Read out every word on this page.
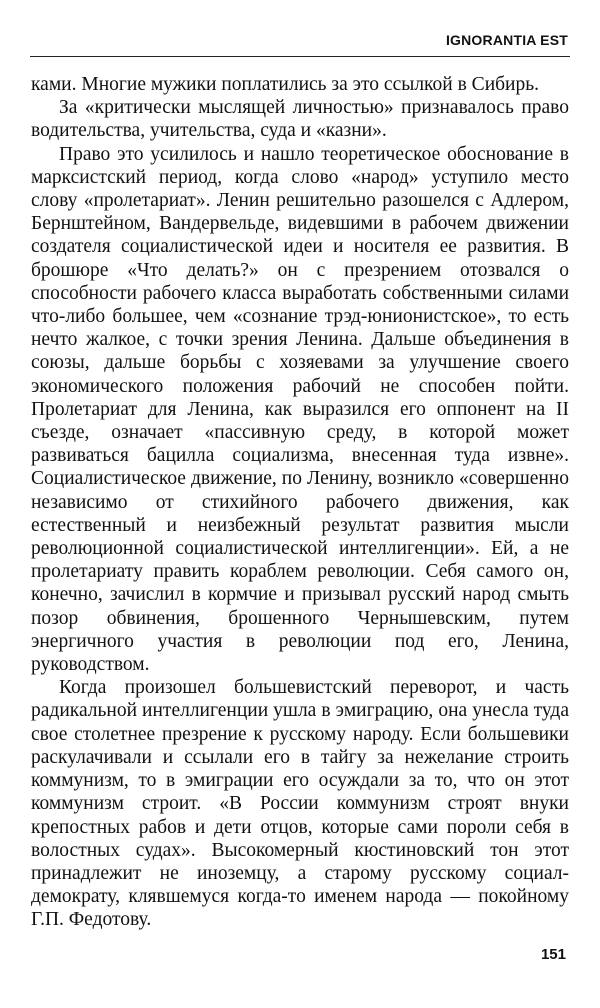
IGNORANTIA EST

ками. Многие мужики поплатились за это ссылкой в Сибирь.

За «критически мыслящей личностью» признавалось право водительства, учительства, суда и «казни».

Право это усилилось и нашло теоретическое обоснование в марксистский период, когда слово «народ» уступило место слову «пролетариат». Ленин решительно разошелся с Адлером, Бернштейном, Вандервельде, видевшими в рабочем движении создателя социалистической идеи и носителя ее развития. В брошюре «Что делать?» он с презрением отозвался о способности рабочего класса выработать собственными силами что-либо большее, чем «сознание трэд-юнионистское», то есть нечто жалкое, с точки зрения Ленина. Дальше объединения в союзы, дальше борьбы с хозяевами за улучшение своего экономического положения рабочий не способен пойти. Пролетариат для Ленина, как выразился его оппонент на II съезде, означает «пассивную среду, в которой может развиваться бацилла социализма, внесенная туда извне». Социалистическое движение, по Ленину, возникло «совершенно независимо от стихийного рабочего движения, как естественный и неизбежный результат развития мысли революционной социалистической интеллигенции». Ей, а не пролетариату править кораблем революции. Себя самого он, конечно, зачислил в кормчие и призывал русский народ смыть позор обвинения, брошенного Чернышевским, путем энергичного участия в революции под его, Ленина, руководством.

Когда произошел большевистский переворот, и часть радикальной интеллигенции ушла в эмиграцию, она унесла туда свое столетнее презрение к русскому народу. Если большевики раскулачивали и ссылали его в тайгу за нежелание строить коммунизм, то в эмиграции его осуждали за то, что он этот коммунизм строит. «В России коммунизм строят внуки крепостных рабов и дети отцов, которые сами пороли себя в волостных судах». Высокомерный кюстиновский тон этот принадлежит не иноземцу, а старому русскому социал-демократу, клявшемуся когда-то именем народа — покойному Г.П. Федотову.

151
